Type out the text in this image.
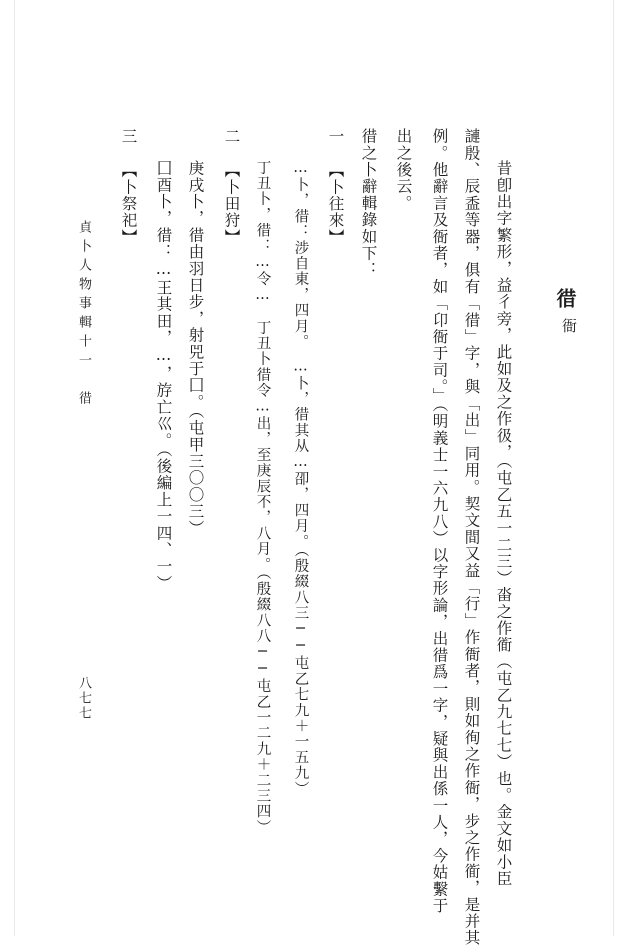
徣
衙
昔卽出字繁形，益彳旁，此如及之作彶，（屯乙五一二三）畓之作衜（屯乙九七七）也。金文如小臣
謰殷、辰盉等器，俱有「徣」字，與「出」同用。契文間又益「行」作衙者，則如徇之作衙，步之作衜，是并其
例。他辭言及衙者，如「卬衙于司。」（明義士一六九八）以字形論，出徣爲一字，疑與出係一人，今姑繫于
出之後云。
徣之卜辭輯錄如下：
一
【卜往來】
…卜，徣：涉自東，四月。　…卜，徣其从…卲，四月。（殷綴八三──屯乙七九＋一五九）
丁丑卜，徣：…令…　丁丑卜徣令…出，至庚辰不，八月。（殷綴八八──屯乙一二九＋二三四）
二
【卜田狩】
庚戌卜，徣由羽日步，射兕于囗。（屯甲三〇〇三）
囗酉卜，徣：…王其田，…，斿亡巛。（後編上一四、一）
三
【卜祭祀】
貞卜人物事輯十一　徣
八七七
